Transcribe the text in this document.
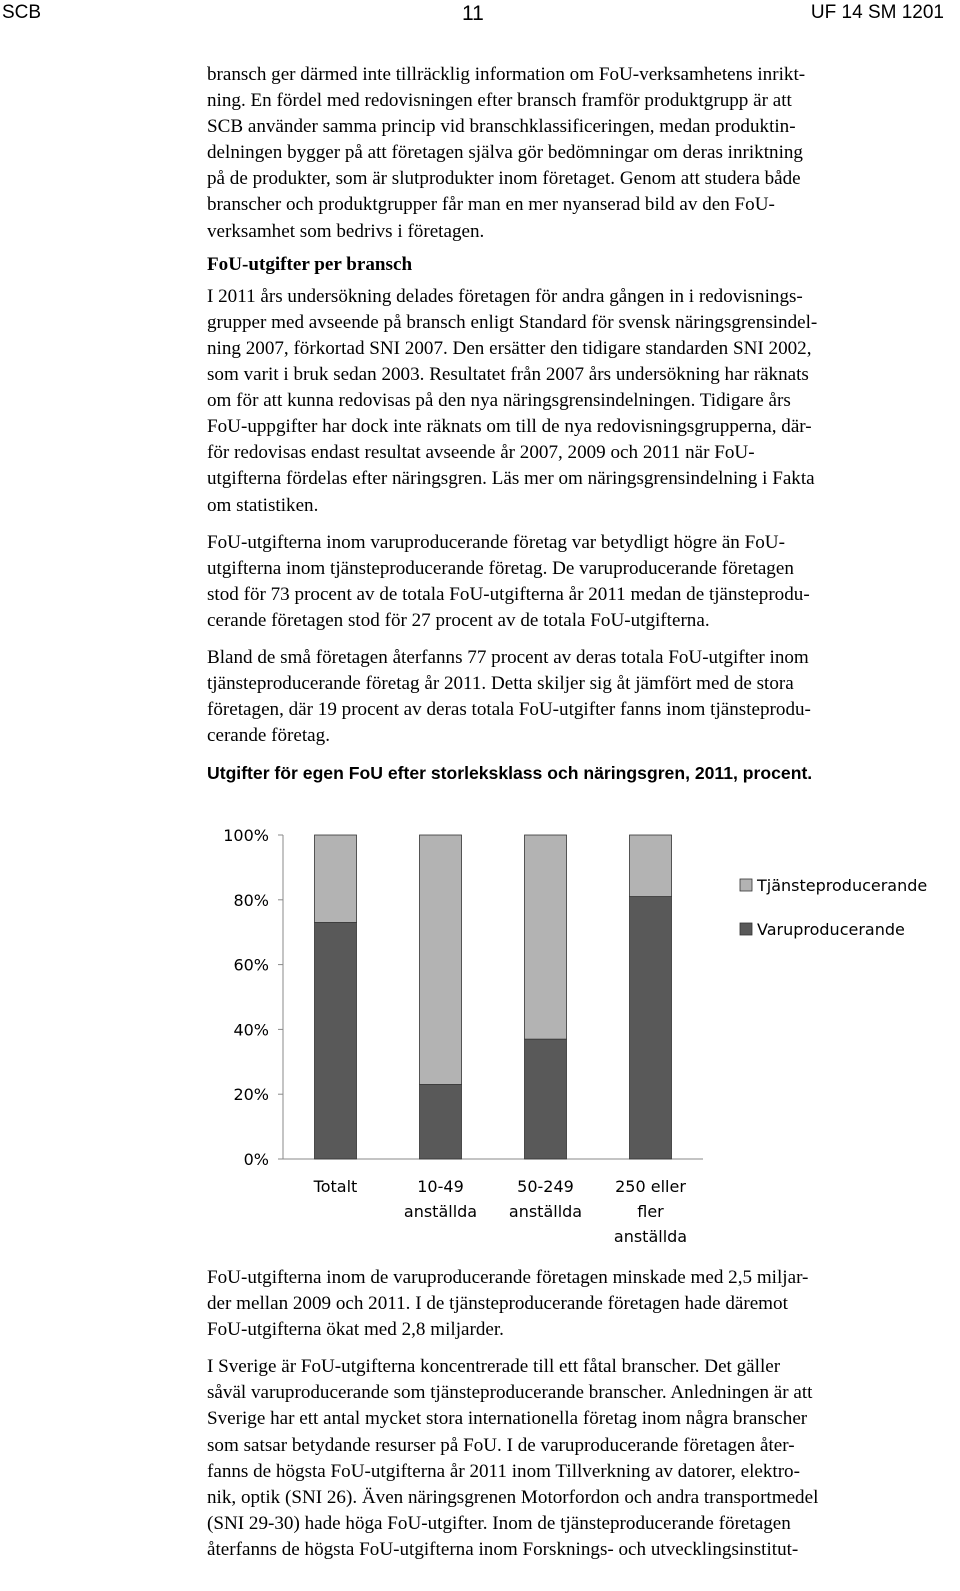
SCB	11	UF 14 SM 1201

bransch ger därmed inte tillräcklig information om FoU-verksamhetens inrikt-
ning. En fördel med redovisningen efter bransch framför produktgrupp är att
SCB använder samma princip vid branschklassificeringen, medan produktin-
delningen bygger på att företagen själva gör bedömningar om deras inriktning
på de produkter, som är slutprodukter inom företaget. Genom att studera både
branscher och produktgrupper får man en mer nyanserad bild av den FoU-
verksamhet som bedrivs i företagen.

FoU-utgifter per bransch

I 2011 års undersökning delades företagen för andra gången in i redovisnings-
grupper med avseende på bransch enligt Standard för svensk näringsgrensindel-
ning 2007, förkortad SNI 2007. Den ersätter den tidigare standarden SNI 2002,
som varit i bruk sedan 2003. Resultatet från 2007 års undersökning har räknats
om för att kunna redovisas på den nya näringsgrensindelningen. Tidigare års
FoU-uppgifter har dock inte räknats om till de nya redovisningsgrupperna, där-
för redovisas endast resultat avseende år 2007, 2009 och 2011 när FoU-
utgifterna fördelas efter näringsgren. Läs mer om näringsgrensindelning i Fakta
om statistiken.

FoU-utgifterna inom varuproducerande företag var betydligt högre än FoU-
utgifterna inom tjänsteproducerande företag. De varuproducerande företagen
stod för 73 procent av de totala FoU-utgifterna år 2011 medan de tjänsteprodu-
cerande företagen stod för 27 procent av de totala FoU-utgifterna.

Bland de små företagen återfanns 77 procent av deras totala FoU-utgifter inom
tjänsteproducerande företag år 2011. Detta skiljer sig åt jämfört med de stora
företagen, där 19 procent av deras totala FoU-utgifter fanns inom tjänsteprodu-
cerande företag.

Utgifter för egen FoU efter storleksklass och näringsgren, 2011, procent.
0%
20%
40%
60%
80%
100%
Totalt	10-49
anställda
50-249
anställda
250 eller
fler
anställda
Tjänsteproducerande
Varuproducerande

FoU-utgifterna inom de varuproducerande företagen minskade med 2,5 miljar-
der mellan 2009 och 2011. I de tjänsteproducerande företagen hade däremot
FoU-utgifterna ökat med 2,8 miljarder.

I Sverige är FoU-utgifterna koncentrerade till ett fåtal branscher. Det gäller
såväl varuproducerande som tjänsteproducerande branscher. Anledningen är att
Sverige har ett antal mycket stora internationella företag inom några branscher
som satsar betydande resurser på FoU. I de varuproducerande företagen åter-
fanns de högsta FoU-utgifterna år 2011 inom Tillverkning av datorer, elektro-
nik, optik (SNI 26). Även näringsgrenen Motorfordon och andra transportmedel
(SNI 29-30) hade höga FoU-utgifter. Inom de tjänsteproducerande företagen
återfanns de högsta FoU-utgifterna inom Forsknings- och utvecklingsinstitut-
